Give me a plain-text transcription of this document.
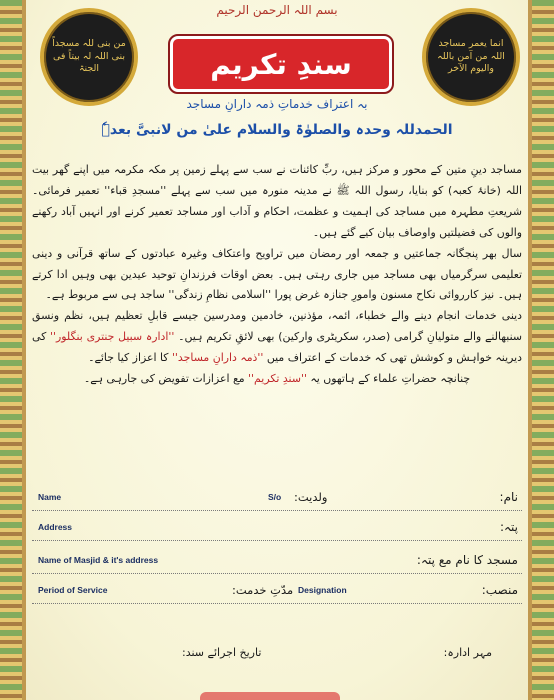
بسم اللہ الرحمن الرحیم
من بنی للہ مسجداً بنی اللہ لہ بیتاً فی الجنۃ
انما یعمر مساجد اللہ من آمن باللہ والیوم الآخر
سندِ تکریم
بہ اعتراف خدماتِ ذمہ دارانِ مساجد
الحمدللہ وحدہ والصلوٰۃ والسلام علیٰ من لانبیَّ بعدہٗ

مساجد دینِ متین کے محور و مرکز ہیں، ربِّ کائنات نے سب سے پہلے زمین پر مکہ مکرمہ میں اپنے گھر بیت اللہ (خانۂ کعبہ) کو بنایا، رسول اللہ ﷺ نے مدینہ منورہ میں سب سے پہلے ''مسجدِ قباء'' تعمیر فرمائی۔ شریعتِ مطہرہ میں مساجد کی اہمیت و عظمت، احکام و آداب اور مساجد تعمیر کرنے اور انہیں آباد رکھنے والوں کی فضیلتیں واوصاف بیان کیے گئے ہیں۔

سال بھر پنجگانہ جماعتیں و جمعہ اور رمضان میں تراویح واعتکاف وغیرہ عبادتوں کے ساتھ قرآنی و دینی تعلیمی سرگرمیاں بھی مساجد میں جاری رہتی ہیں۔ بعض اوقات فرزندانِ توحید عیدین بھی وہیں ادا کرتے ہیں۔ نیز کارروائی نکاح مسنون وامورِ جنازہ غرض پورا ''اسلامی نظامِ زندگی'' ساجد ہی سے مربوط ہے۔

دینی خدمات انجام دینے والے خطباء، ائمہ، مؤذنین، خادمین ومدرسین جیسے قابلِ تعظیم ہیں، نظم ونسق سنبھالنے والے متولیانِ گرامی (صدر، سکریٹری وارکین) بھی لائقِ تکریم ہیں۔ ''ادارہ سبیل جنتری بنگلور'' کی دیرینہ خواہش و کوشش تھی کہ خدمات کے اعتراف میں ''ذمہ دارانِ مساجد'' کا اعزاز کیا جائے۔

چنانچہ حضراتِ علماء کے ہاتھوں یہ ''سندِ تکریم'' مع اعزازات تفویض کی جارہی ہے۔

Name	S/o ولدیت:	نام:
Address	پتہ:
Name of Masjid & it's address	مسجد کا نام مع پتہ:
Period of Service	مدّتِ خدمت: Designation	منصب:
تاریخ اجرائے سند:	مہر ادارہ:
